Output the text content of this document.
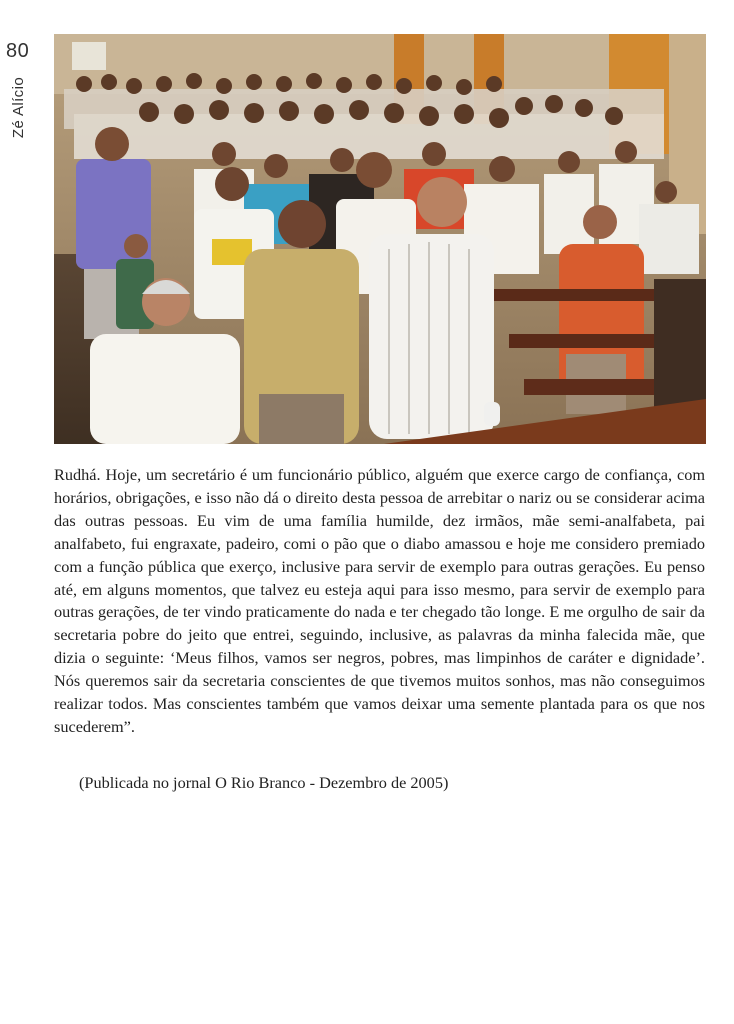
80
Zé Alício

Rudhá. Hoje, um secretário é um funcionário público, alguém que exerce cargo de confiança, com horários, obrigações, e isso não dá o direito desta pessoa de arrebitar o nariz ou se considerar acima das outras pessoas. Eu vim de uma família humilde, dez irmãos, mãe semi-analfabeta, pai analfabeto, fui engraxate, padeiro, comi o pão que o diabo amassou e hoje me considero premiado com a função pública que exerço, inclusive para servir de exemplo para outras gerações. Eu penso até, em alguns momentos, que talvez eu esteja aqui para isso mesmo, para servir de exemplo para outras gerações, de ter vindo praticamente do nada e ter chegado tão longe. E me orgulho de sair da secretaria pobre do jeito que entrei, seguindo, inclusive, as palavras da minha falecida mãe, que dizia o seguinte: ‘Meus filhos, vamos ser negros, pobres, mas limpinhos de caráter e dignidade’. Nós queremos sair da secretaria conscientes de que tivemos muitos sonhos, mas não conseguimos realizar todos. Mas conscientes também que vamos deixar uma semente plantada para os que nos sucederem”.

(Publicada no jornal O Rio Branco - Dezembro de 2005)
